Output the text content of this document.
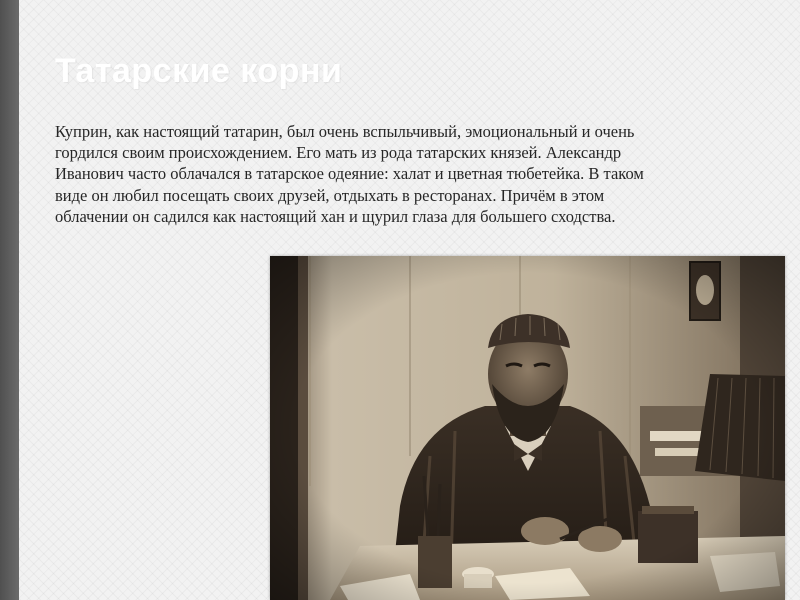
Татарские корни

Куприн, как настоящий татарин, был очень вспыльчивый, эмоциональный и очень гордился своим происхождением. Его мать из рода татарских князей. Александр Иванович часто облачался в татарское одеяние: халат и цветная тюбетейка. В таком виде он любил посещать своих друзей, отдыхать в ресторанах. Причём в этом облачении он садился как настоящий хан и щурил глаза для большего сходства.
